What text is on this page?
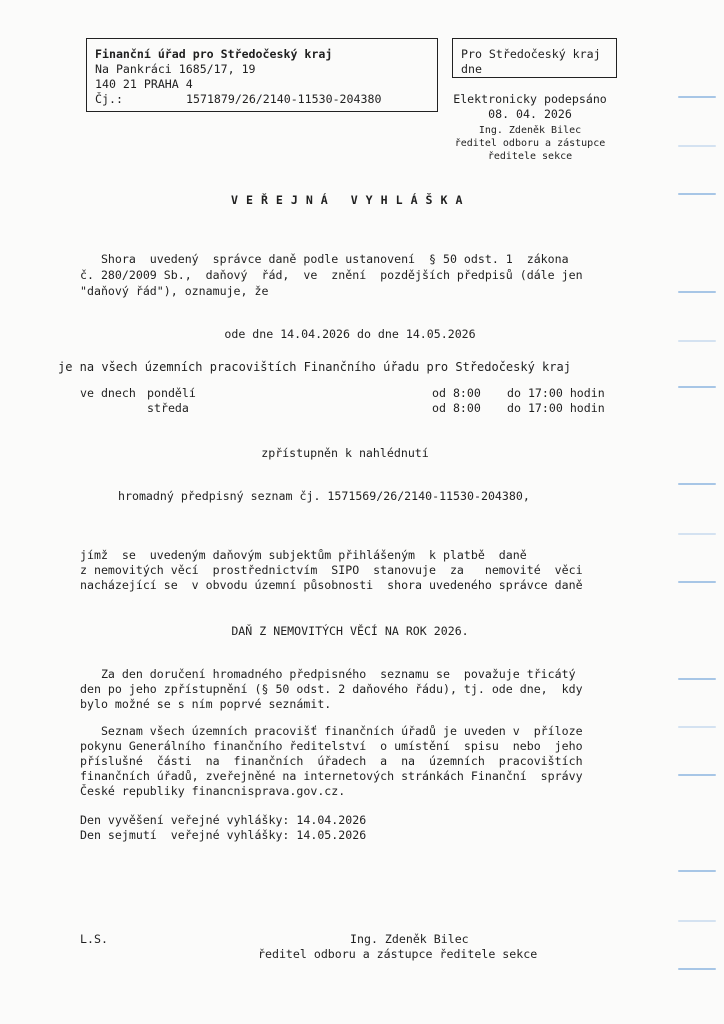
Finanční úřad pro Středočeský kraj
Na Pankráci 1685/17, 19
140 21 PRAHA 4
Čj.:	1571879/26/2140-11530-204380
Pro Středočeský kraj
dne
Elektronicky podepsáno
08. 04. 2026
Ing. Zdeněk Bilec
ředitel odboru a zástupce
ředitele sekce
V E Ř E J N Á   V Y H L Á Š K A
Shora  uvedený  správce daně podle ustanovení  § 50 odst. 1  zákona
č. 280/2009 Sb.,  daňový  řád,  ve  znění  pozdějších předpisů (dále jen
"daňový řád"), oznamuje, že
ode dne 14.04.2026 do dne 14.05.2026
je na všech územních pracovištích Finančního úřadu pro Středočeský kraj
ve dnech pondělí	od 8:00 do 17:00 hodin
středa	od 8:00 do 17:00 hodin
zpřístupněn k nahlédnutí
hromadný předpisný seznam čj. 1571569/26/2140-11530-204380,
jímž  se  uvedeným daňovým subjektům přihlášeným  k platbě  daně
z nemovitých věcí  prostřednictvím  SIPO  stanovuje  za   nemovité  věci
nacházející se  v obvodu územní působnosti  shora uvedeného správce daně
DAŇ Z NEMOVITÝCH VĚCÍ NA ROK 2026.
Za den doručení hromadného předpisného  seznamu se  považuje třicátý
den po jeho zpřístupnění (§ 50 odst. 2 daňového řádu), tj. ode dne,  kdy
bylo možné se s ním poprvé seznámit.
Seznam všech územních pracovišť finančních úřadů je uveden v  příloze
pokynu Generálního finančního ředitelství  o umístění  spisu  nebo  jeho
příslušné  části  na  finančních  úřadech  a  na  územních  pracovištích
finančních úřadů, zveřejněné na internetových stránkách Finanční  správy
České republiky financnisprava.gov.cz.
Den vyvěšení veřejné vyhlášky: 14.04.2026
Den sejmutí  veřejné vyhlášky: 14.05.2026
L.S.	Ing. Zdeněk Bilec
ředitel odboru a zástupce ředitele sekce
